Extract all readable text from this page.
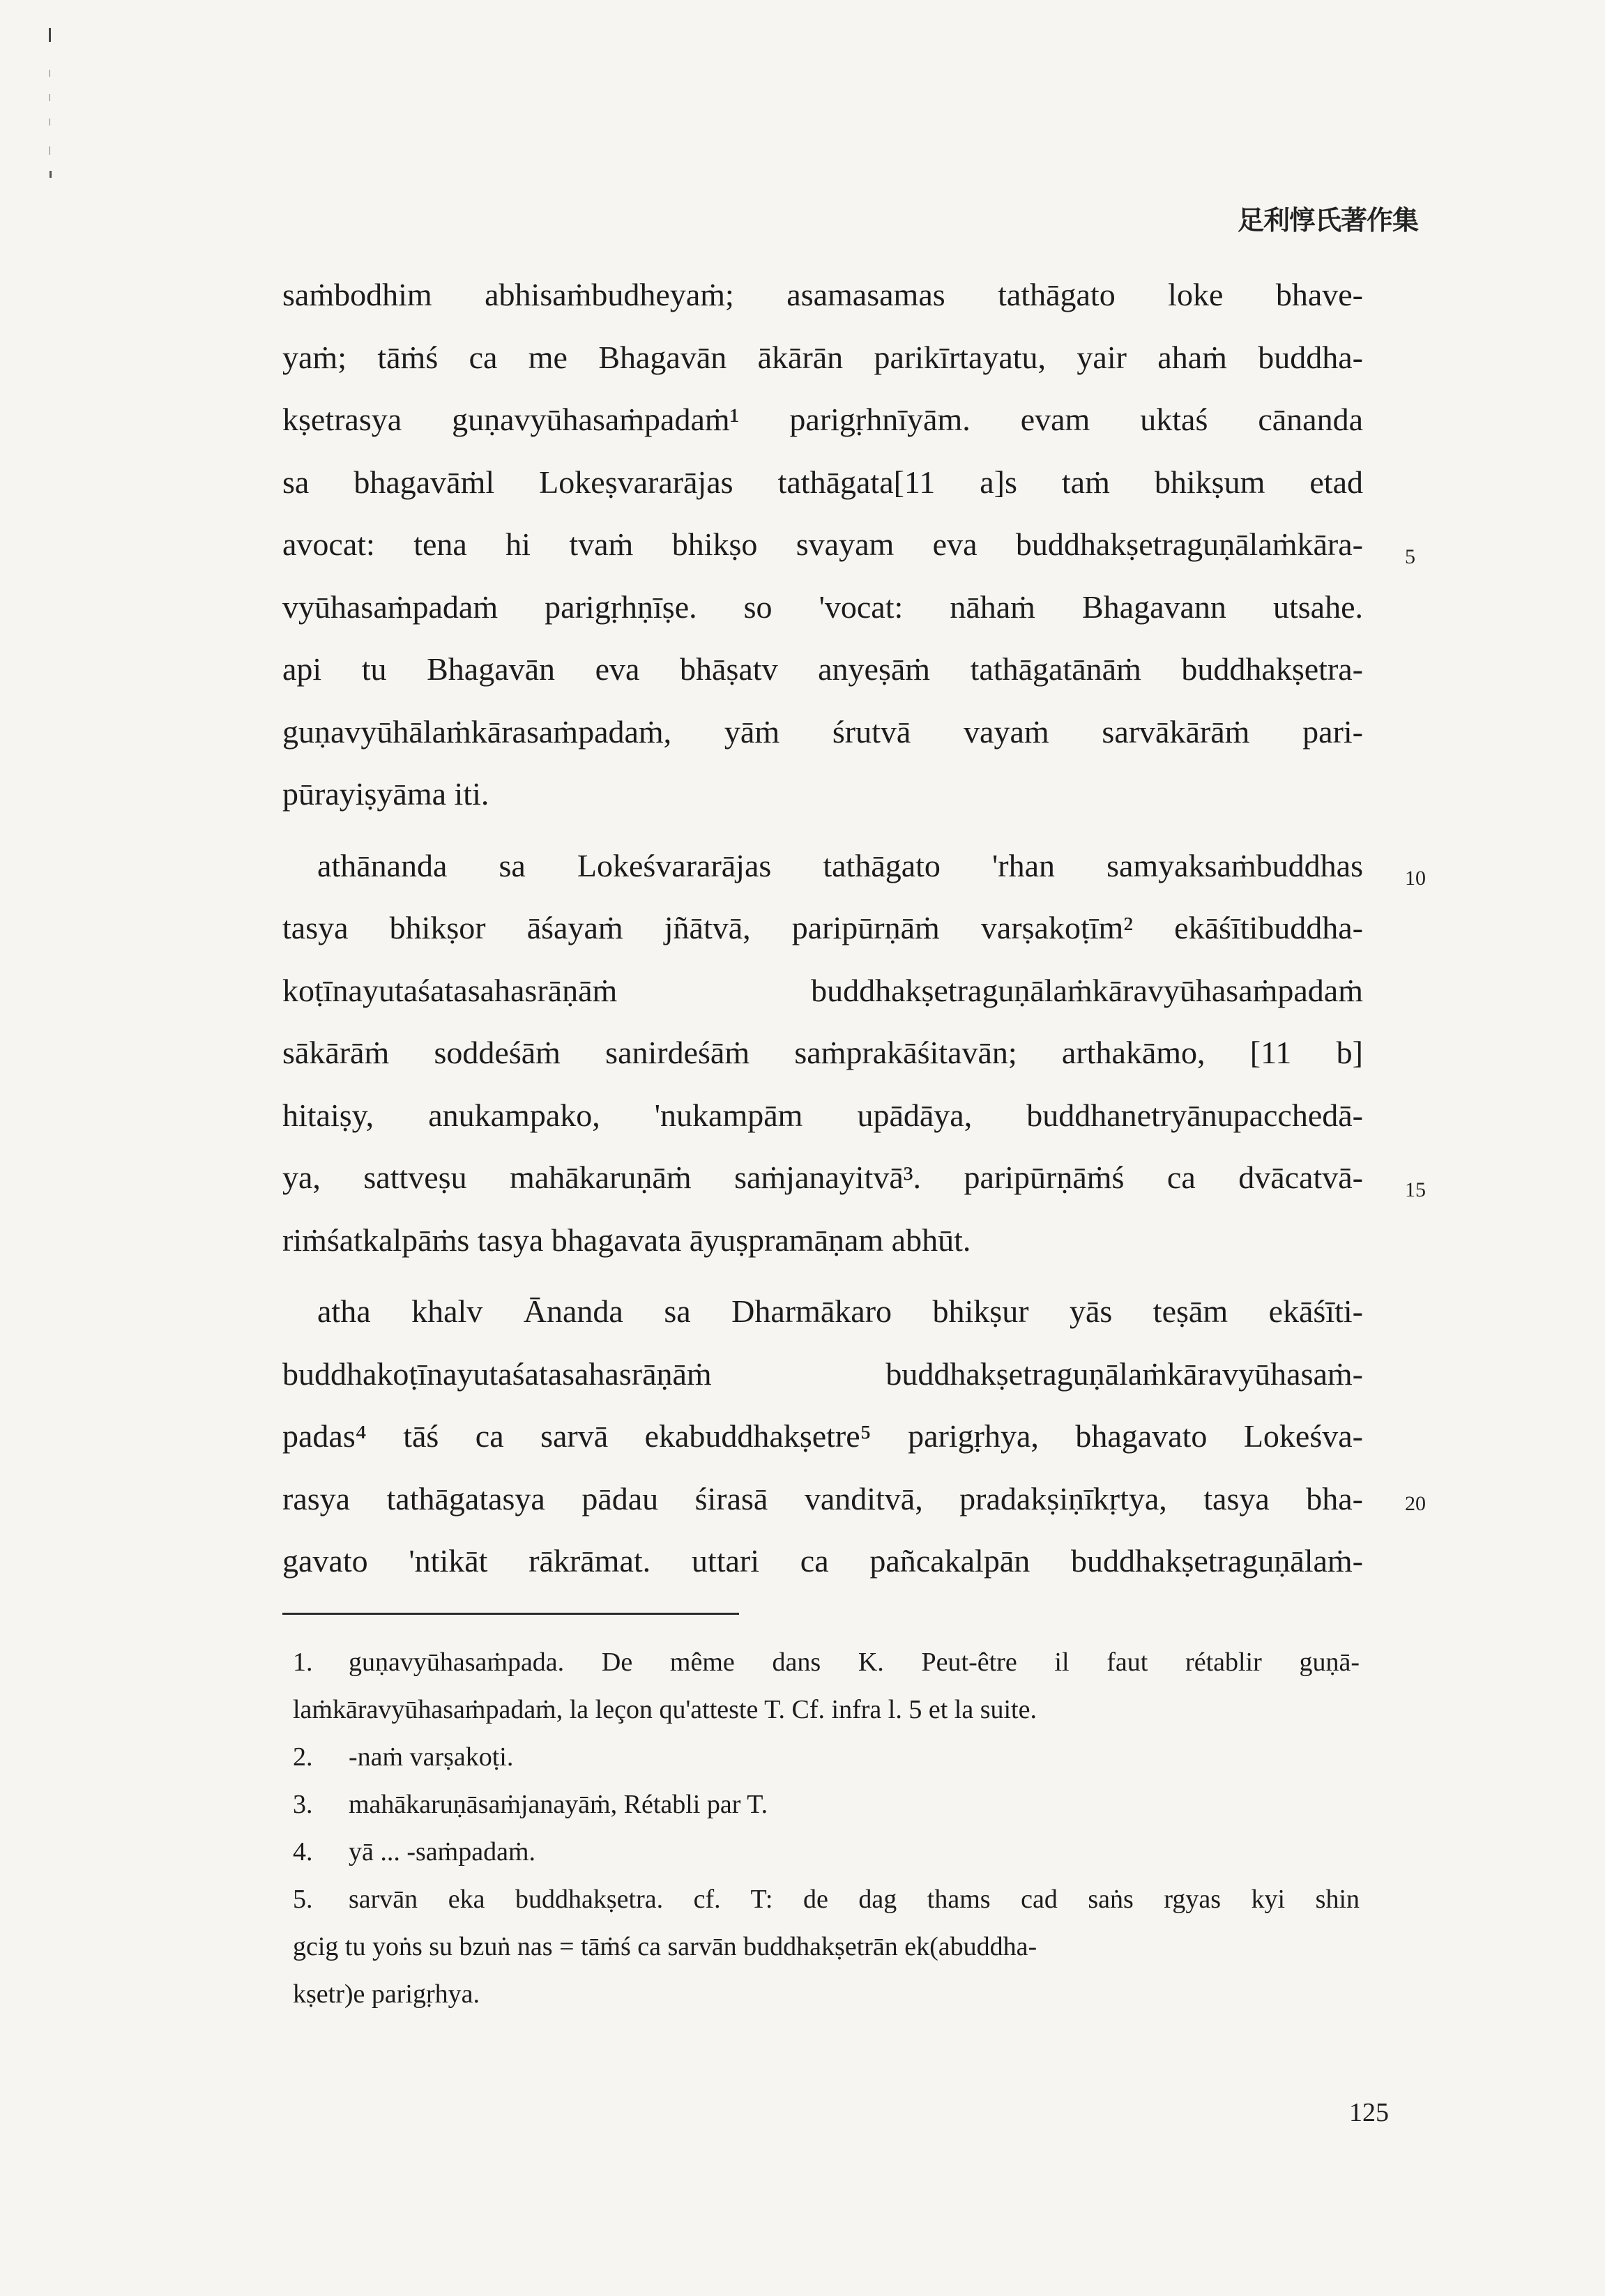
足利惇氏著作集
saṁbodhim abhisaṁbudheyaṁ; asamasamas tathāgato loke bhave-
yaṁ; tāṁś ca me Bhagavān ākārān parikīrtayatu, yair ahaṁ buddha-
kṣetrasya guṇavyūhasaṁpadaṁ¹ parigṛhnīyām. evam uktaś cānanda
sa bhagavāṁl Lokeṣvararājas tathāgata[11 a]s taṁ bhikṣum etad
avocat: tena hi tvaṁ bhikṣo svayam eva buddhakṣetraguṇālaṁkāra-
vyūhasaṁpadaṁ parigṛhṇīṣe. so 'vocat: nāhaṁ Bhagavann utsahe.
api tu Bhagavān eva bhāṣatv anyeṣāṁ tathāgatānāṁ buddhakṣetra-
guṇavyūhālaṁkārasaṁpadaṁ, yāṁ śrutvā vayaṁ sarvākārāṁ pari-
pūrayiṣyāma iti.
athānanda sa Lokeśvararājas tathāgato 'rhan samyaksaṁbuddhas
tasya bhikṣor āśayaṁ jñātvā, paripūrṇāṁ varṣakoṭīm² ekāśītibuddha-
koṭīnayutaśatasahasrāṇāṁ buddhakṣetraguṇālaṁkāravyūhasaṁpadaṁ
sākārāṁ soddeśāṁ sanirdeśāṁ saṁprakāśitavān; arthakāmo, [11 b]
hitaiṣy, anukampako, 'nukampām upādāya, buddhanetryānupacchedā-
ya, sattveṣu mahākaruṇāṁ saṁjanayitvā³. paripūrṇāṁś ca dvācatvā-
riṁśatkalpāṁs tasya bhagavata āyuṣpramāṇam abhūt.
atha khalv Ānanda sa Dharmākaro bhikṣur yās teṣām ekāśīti-
buddhakoṭīnayutaśatasahasrāṇāṁ buddhakṣetraguṇālaṁkāravyūhasaṁ-
padas⁴ tāś ca sarvā ekabuddhakṣetre⁵ parigṛhya, bhagavato Lokeśva-
rasya tathāgatasya pādau śirasā vanditvā, pradakṣiṇīkṛtya, tasya bha-
gavato 'ntikāt rākrāmat. uttari ca pañcakalpān buddhakṣetraguṇālaṁ-
5
10
15
20
1.	guṇavyūhasaṁpada. De même dans K. Peut-être il faut rétablir guṇā-
laṁkāravyūhasaṁpadaṁ, la leçon qu'atteste T. Cf. infra l. 5 et la suite.
2.	-naṁ varṣakoṭi.
3.	mahākaruṇāsaṁjanayāṁ, Rétabli par T.
4.	yā ... -saṁpadaṁ.
5.	sarvān eka buddhakṣetra. cf. T: de dag thams cad saṅs rgyas kyi shin
gcig tu yoṅs su bzuṅ nas = tāṁś ca sarvān buddhakṣetrān ek(abuddha-
kṣetr)e parigṛhya.
125
